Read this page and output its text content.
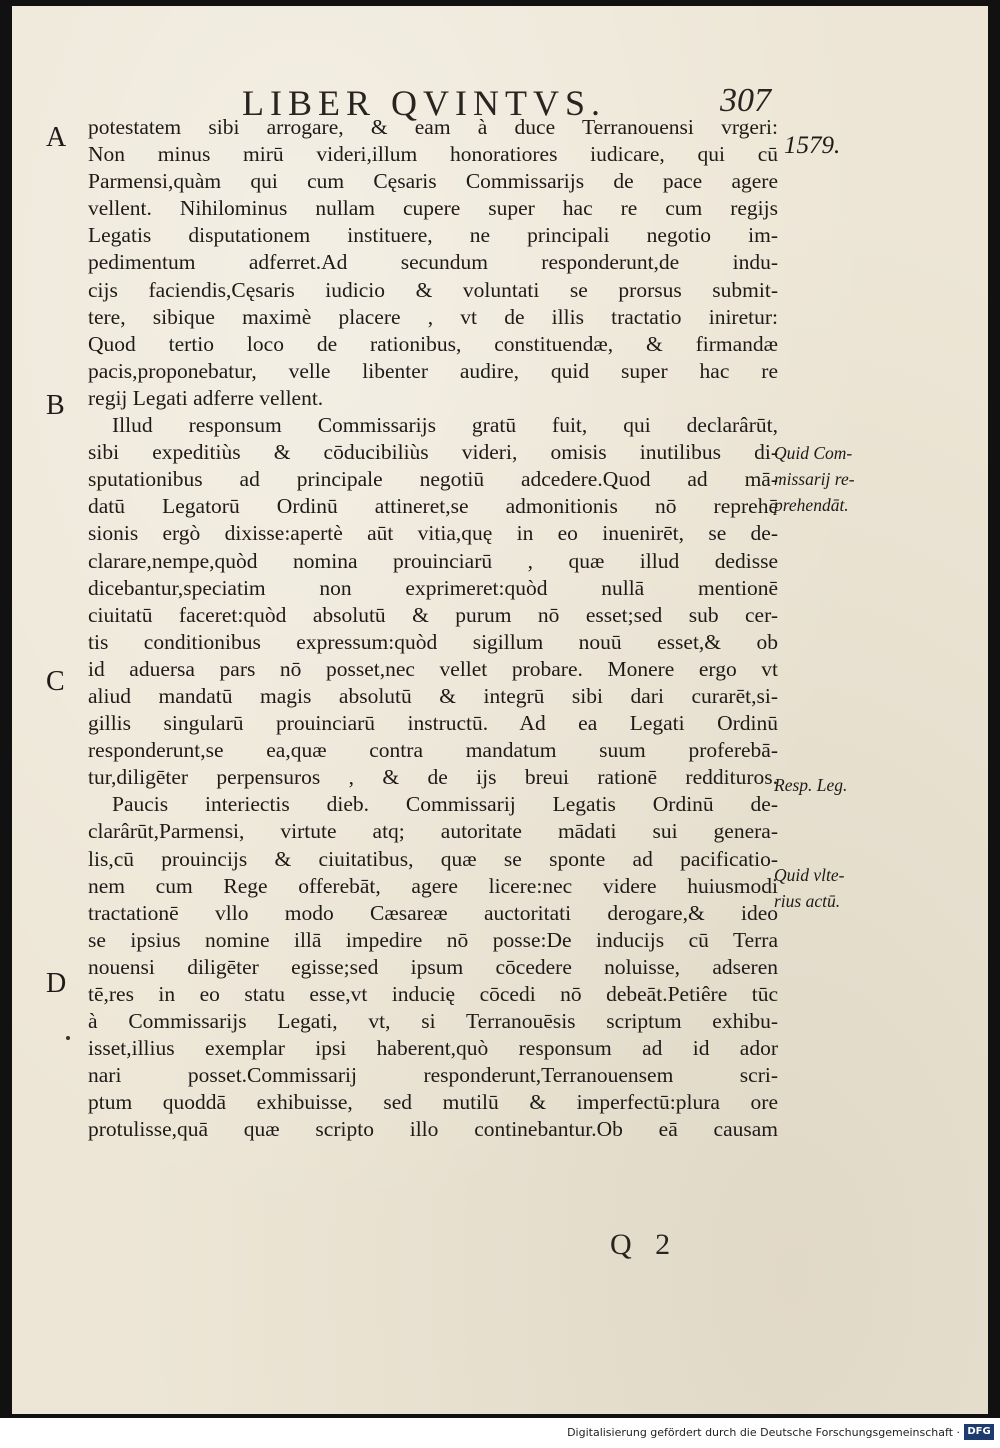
LIBER QVINTVS.	307
1579.
A
B
C
D
Quid Com-
missarij re-
prehendāt.
Resp. Leg.
Quid vlte-
rius actū.
potestatem sibi arrogare, & eam à duce Terranouensi vrgeri:
Non minus mirū videri,illum honoratiores iudicare, qui cū
Parmensi,quàm qui cum Cęsaris Commissarijs de pace agere
vellent. Nihilominus nullam cupere super hac re cum regijs
Legatis disputationem instituere, ne principali negotio im-
pedimentum adferret.Ad secundum responderunt,de indu-
cijs faciendis,Cęsaris iudicio & voluntati se prorsus submit-
tere, sibique maximè placere , vt de illis tractatio iniretur:
Quod tertio loco de rationibus, constituendæ, & firmandæ
pacis,proponebatur, velle libenter audire, quid super hac re
regij Legati adferre vellent.
Illud responsum Commissarijs gratū fuit, qui declarârūt,
sibi expeditiùs & cōducibiliùs videri, omisis inutilibus di-
sputationibus ad principale negotiū adcedere.Quod ad mā-
datū Legatorū Ordinū attineret,se admonitionis nō reprehē
sionis ergò dixisse:apertè aūt vitia,quę in eo inuenirēt, se de-
clarare,nempe,quòd nomina prouinciarū , quæ illud dedisse
dicebantur,speciatim non exprimeret:quòd nullā mentionē
ciuitatū faceret:quòd absolutū & purum nō esset;sed sub cer-
tis conditionibus expressum:quòd sigillum nouū esset,& ob
id aduersa pars nō posset,nec vellet probare. Monere ergo vt
aliud mandatū magis absolutū & integrū sibi dari curarēt,si-
gillis singularū prouinciarū instructū. Ad ea Legati Ordinū
responderunt,se ea,quæ contra mandatum suum proferebā-
tur,diligēter perpensuros , & de ijs breui rationē reddituros.
Paucis interiectis dieb. Commissarij Legatis Ordinū de-
clarârūt,Parmensi, virtute atq; autoritate mādati sui genera-
lis,cū prouincijs & ciuitatibus, quæ se sponte ad pacificatio-
nem cum Rege offerebāt, agere licere:nec videre huiusmodi
tractationē vllo modo Cæsareæ auctoritati derogare,& ideo
se ipsius nomine illā impedire nō posse:De inducijs cū Terra
nouensi diligēter egisse;sed ipsum cōcedere noluisse, adseren
tē,res in eo statu esse,vt inducię cōcedi nō debeāt.Petiêre tūc
à Commissarijs Legati, vt, si Terranouēsis scriptum exhibu-
isset,illius exemplar ipsi haberent,quò responsum ad id ador
nari posset.Commissarij responderunt,Terranouensem scri-
ptum quoddā exhibuisse, sed mutilū & imperfectū:plura ore
protulisse,quā quæ scripto illo continebantur.Ob eā causam
Q 2
Digitalisierung gefördert durch die Deutsche Forschungsgemeinschaft · DFG
